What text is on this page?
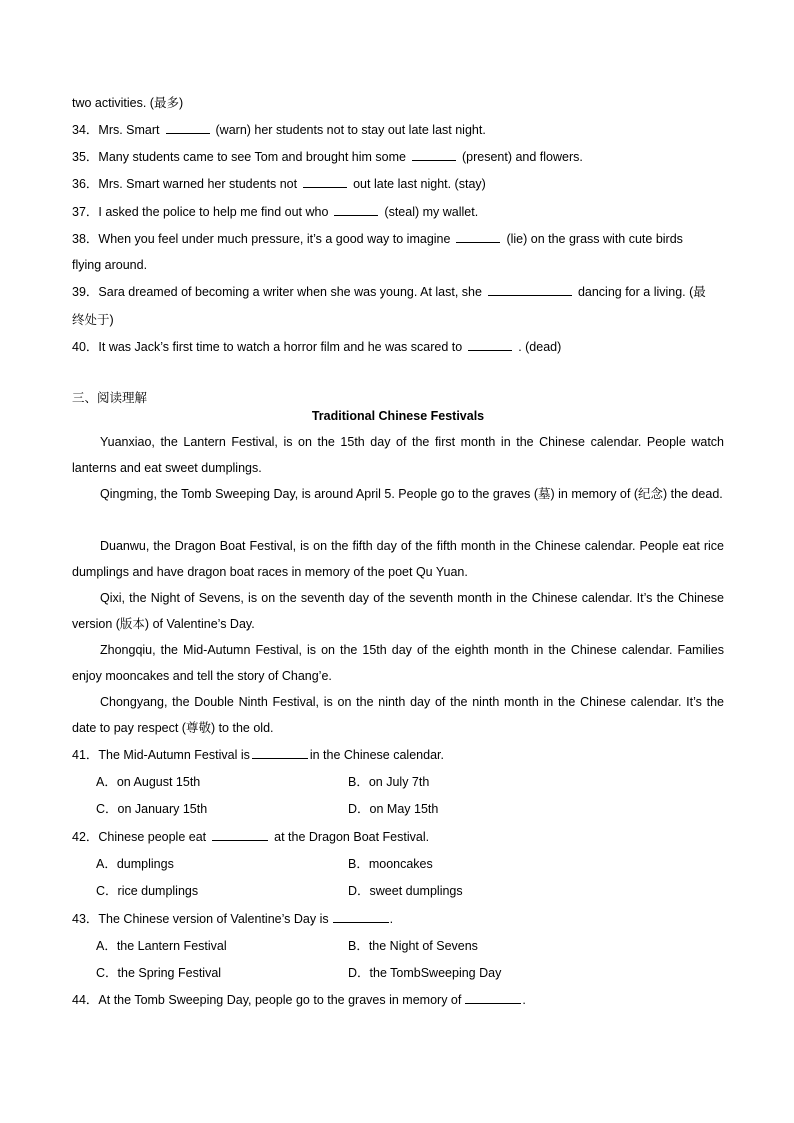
two activities. (最多)
34．Mrs. Smart	(warn) her students not to stay out late last night.
35．Many students came to see Tom and brought him some	(present) and flowers.
36．Mrs. Smart warned her students not	out late last night. (stay)
37．I asked the police to help me find out who	(steal) my wallet.
38．When you feel under much pressure, it’s a good way to imagine	(lie) on the grass with cute birds
flying around.
39．Sara dreamed of becoming a writer when she was young. At last, she	dancing for a living. (最
终处于)
40．It was Jack’s first time to watch a horror film and he was scared to	. (dead)
三、阅读理解
Traditional Chinese Festivals
Yuanxiao, the Lantern Festival, is on the 15th day of the first month in the Chinese calendar. People watch lanterns and eat sweet dumplings.
Qingming, the Tomb Sweeping Day, is around April 5. People go to the graves (墓) in memory of (纪念) the dead.
Duanwu, the Dragon Boat Festival, is on the fifth day of the fifth month in the Chinese calendar. People eat rice dumplings and have dragon boat races in memory of the poet Qu Yuan.
Qixi, the Night of Sevens, is on the seventh day of the seventh month in the Chinese calendar. It’s the Chinese version (版本) of Valentine’s Day.
Zhongqiu, the Mid-Autumn Festival, is on the 15th day of the eighth month in the Chinese calendar. Families enjoy mooncakes and tell the story of Chang’e.
Chongyang, the Double Ninth Festival, is on the ninth day of the ninth month in the Chinese calendar. It’s the date to pay respect (尊敬) to the old.
41．The Mid-Autumn Festival is	in the Chinese calendar.
A．on August 15th	B．on July 7th
C．on January 15th	D．on May 15th
42．Chinese people eat	at the Dragon Boat Festival.
A．dumplings	B．mooncakes
C．rice dumplings	D．sweet dumplings
43．The Chinese version of Valentine’s Day is	.
A．the Lantern Festival	B．the Night of Sevens
C．the Spring Festival	D．the TombSweeping Day
44．At the Tomb Sweeping Day, people go to the graves in memory of	.
